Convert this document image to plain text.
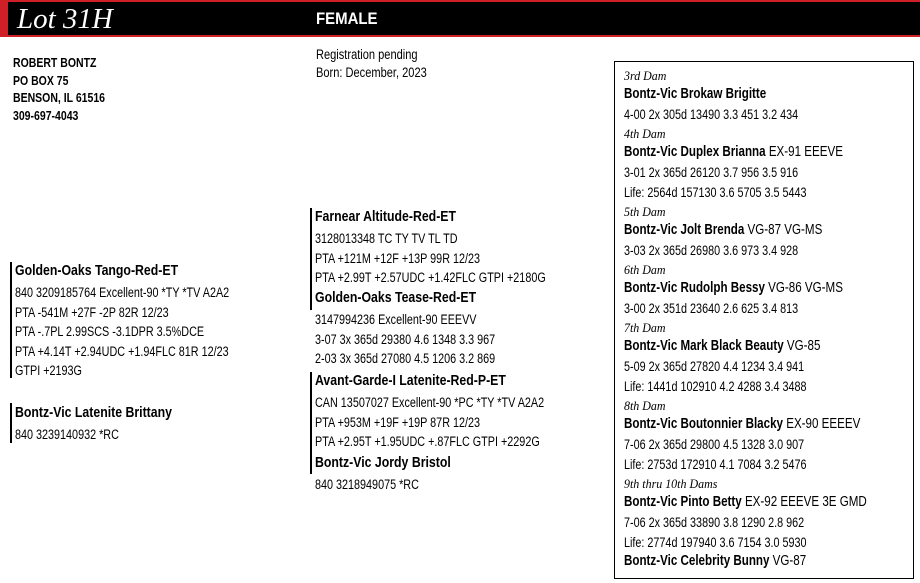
Lot 31H	FEMALE
ROBERT BONTZ
PO BOX 75
BENSON, IL 61516
309-697-4043
Registration pending
Born: December, 2023
Golden-Oaks Tango-Red-ET
840 3209185764 Excellent-90 *TY *TV A2A2
PTA -541M +27F -2P 82R 12/23
PTA -.7PL 2.99SCS -3.1DPR 3.5%DCE
PTA +4.14T +2.94UDC +1.94FLC 81R 12/23
GTPI +2193G
Bontz-Vic Latenite Brittany
840 3239140932 *RC
Farnear Altitude-Red-ET
3128013348 TC TY TV TL TD
PTA +121M +12F +13P 99R 12/23
PTA +2.99T +2.57UDC +1.42FLC GTPI +2180G
Golden-Oaks Tease-Red-ET
3147994236 Excellent-90 EEEVV
3-07 3x 365d 29380 4.6 1348 3.3 967
2-03 3x 365d 27080 4.5 1206 3.2 869
Avant-Garde-I Latenite-Red-P-ET
CAN 13507027 Excellent-90 *PC *TY *TV A2A2
PTA +953M +19F +19P 87R 12/23
PTA +2.95T +1.95UDC +.87FLC GTPI +2292G
Bontz-Vic Jordy Bristol
840 3218949075 *RC
3rd Dam
Bontz-Vic Brokaw Brigitte
4-00 2x 305d 13490 3.3 451 3.2 434
4th Dam
Bontz-Vic Duplex Brianna EX-91 EEEVE
3-01 2x 365d 26120 3.7 956 3.5 916
Life: 2564d 157130 3.6 5705 3.5 5443
5th Dam
Bontz-Vic Jolt Brenda VG-87 VG-MS
3-03 2x 365d 26980 3.6 973 3.4 928
6th Dam
Bontz-Vic Rudolph Bessy VG-86 VG-MS
3-00 2x 351d 23640 2.6 625 3.4 813
7th Dam
Bontz-Vic Mark Black Beauty VG-85
5-09 2x 365d 27820 4.4 1234 3.4 941
Life: 1441d 102910 4.2 4288 3.4 3488
8th Dam
Bontz-Vic Boutonnier Blacky EX-90 EEEEV
7-06 2x 365d 29800 4.5 1328 3.0 907
Life: 2753d 172910 4.1 7084 3.2 5476
9th thru 10th Dams
Bontz-Vic Pinto Betty EX-92 EEEVE 3E GMD
7-06 2x 365d 33890 3.8 1290 2.8 962
Life: 2774d 197940 3.6 7154 3.0 5930
Bontz-Vic Celebrity Bunny VG-87
